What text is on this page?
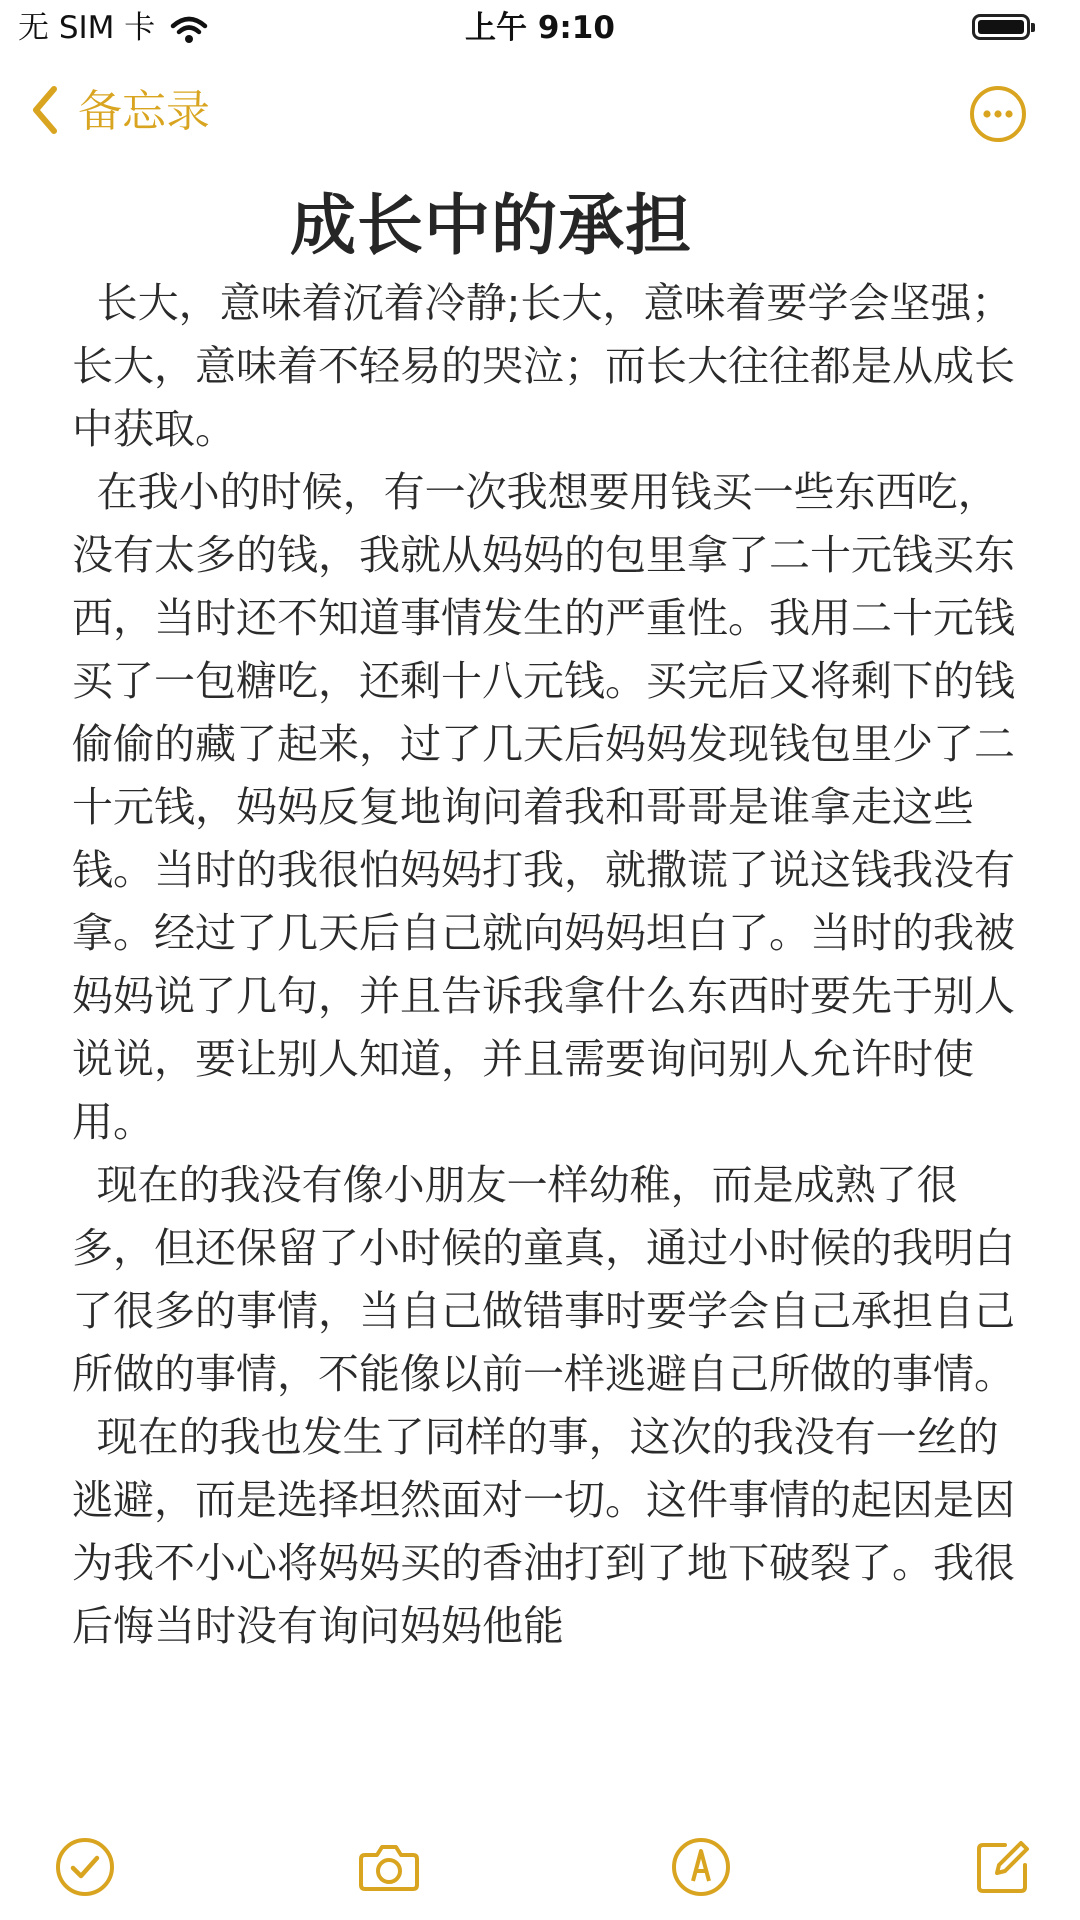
无 SIM 卡	上午 9:10
备忘录
成长中的承担

长大，意味着沉着冷静;长大，意味着要学会坚强；长大，意味着不轻易的哭泣；而长大往往都是从成长中获取。

在我小的时候，有一次我想要用钱买一些东西吃，没有太多的钱，我就从妈妈的包里拿了二十元钱买东西，当时还不知道事情发生的严重性。我用二十元钱买了一包糖吃，还剩十八元钱。买完后又将剩下的钱偷偷的藏了起来，过了几天后妈妈发现钱包里少了二十元钱，妈妈反复地询问着我和哥哥是谁拿走这些钱。当时的我很怕妈妈打我，就撒谎了说这钱我没有拿。经过了几天后自己就向妈妈坦白了。当时的我被妈妈说了几句，并且告诉我拿什么东西时要先于别人说说，要让别人知道，并且需要询问别人允许时使用。

现在的我没有像小朋友一样幼稚，而是成熟了很多，但还保留了小时候的童真，通过小时候的我明白了很多的事情，当自己做错事时要学会自己承担自己所做的事情，不能像以前一样逃避自己所做的事情。

现在的我也发生了同样的事，这次的我没有一丝的逃避，而是选择坦然面对一切。这件事情的起因是因为我不小心将妈妈买的香油打到了地下破裂了。我很后悔当时没有询问妈妈他能
